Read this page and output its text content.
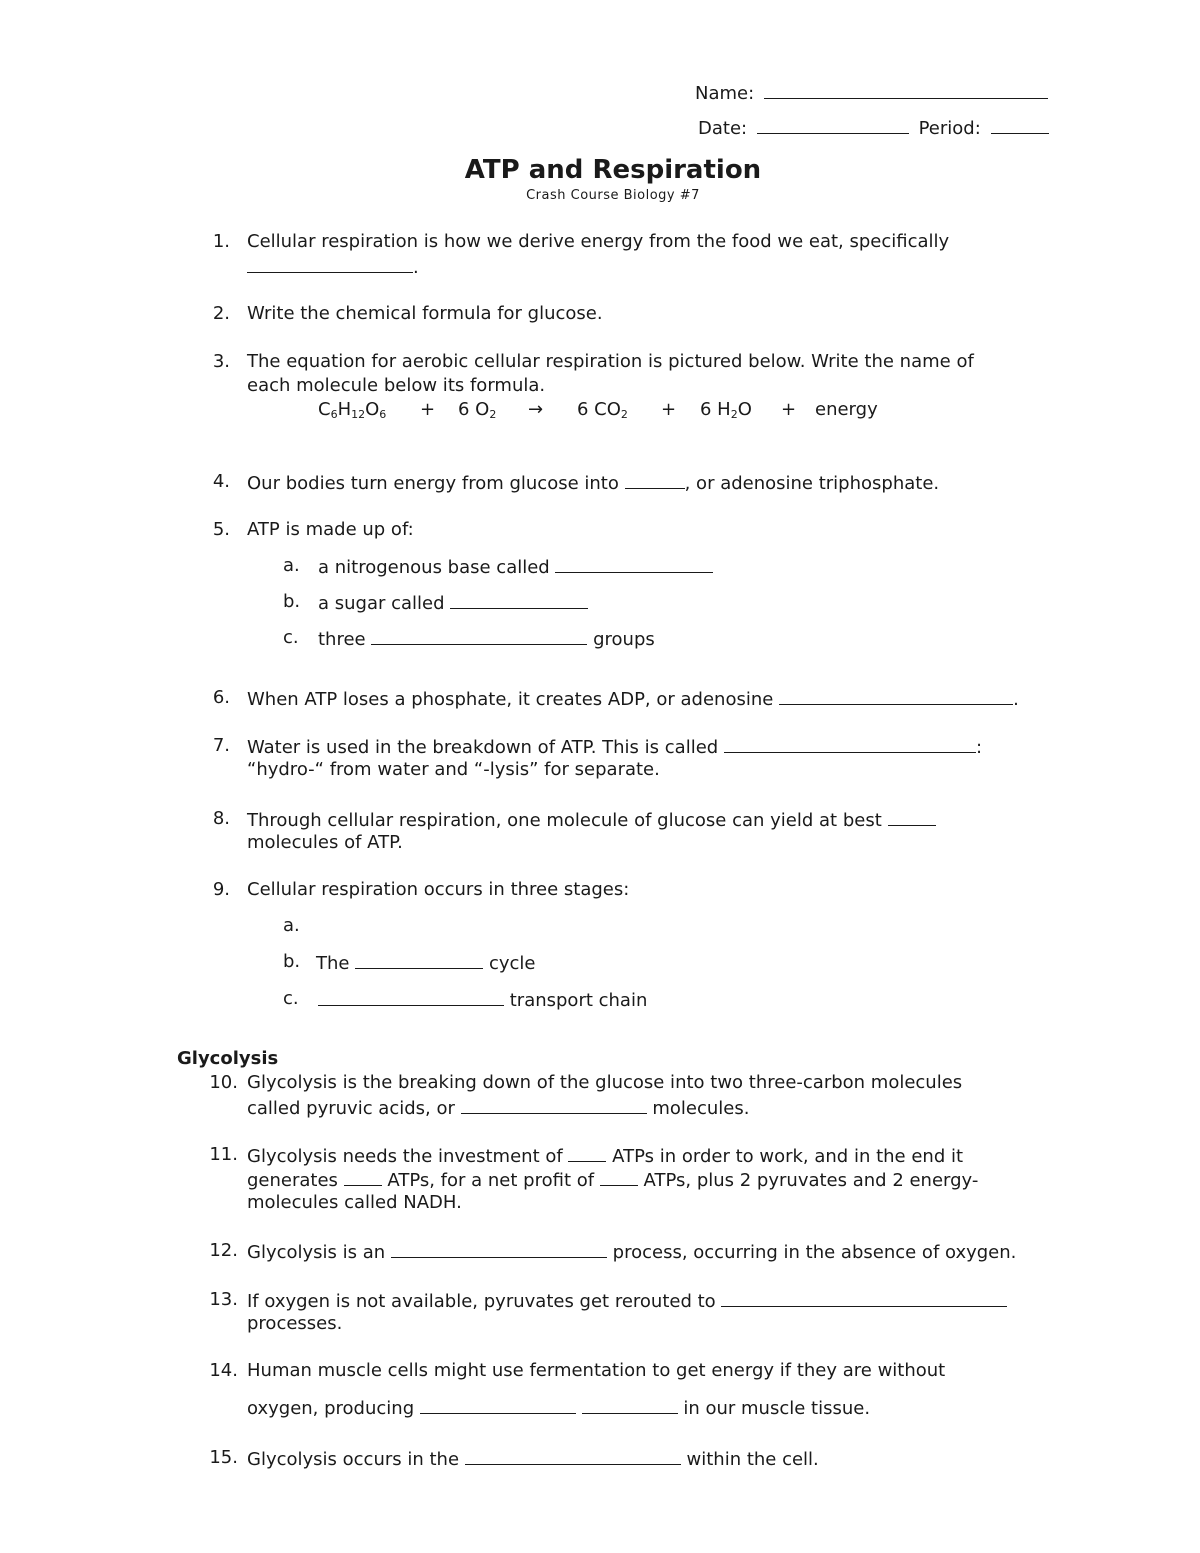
Name:
Date:	Period:
ATP and Respiration
Crash Course Biology #7
1. Cellular respiration is how we derive energy from the food we eat, specifically
.
2. Write the chemical formula for glucose.
3. The equation for aerobic cellular respiration is pictured below. Write the name of
each molecule below its formula.
$C_6H_{12}O_6 + 6$ $O_2 \to 6$ $CO_2 + 6$ $H_2O$ + energy
4. Our bodies turn energy from glucose into	, or adenosine triphosphate.
5. ATP is made up of:
a. a nitrogenous base called
b. a sugar called
c. three	groups
6. When ATP loses a phosphate, it creates ADP, or adenosine	.
7. Water is used in the breakdown of ATP. This is called	:
“hydro-“ from water and “-lysis” for separate.
8. Through cellular respiration, one molecule of glucose can yield at best
molecules of ATP.
9. Cellular respiration occurs in three stages:
a.
b. The	cycle
c.	transport chain
Glycolysis
10. Glycolysis is the breaking down of the glucose into two three-carbon molecules
called pyruvic acids, or	molecules.
11. Glycolysis needs the investment of	ATPs in order to work, and in the end it
generates	ATPs, for a net profit of	ATPs, plus 2 pyruvates and 2 energy-
molecules called NADH.
12. Glycolysis is an	process, occurring in the absence of oxygen.
13. If oxygen is not available, pyruvates get rerouted to
processes.
14. Human muscle cells might use fermentation to get energy if they are without
oxygen, producing	in our muscle tissue.
15. Glycolysis occurs in the	within the cell.
